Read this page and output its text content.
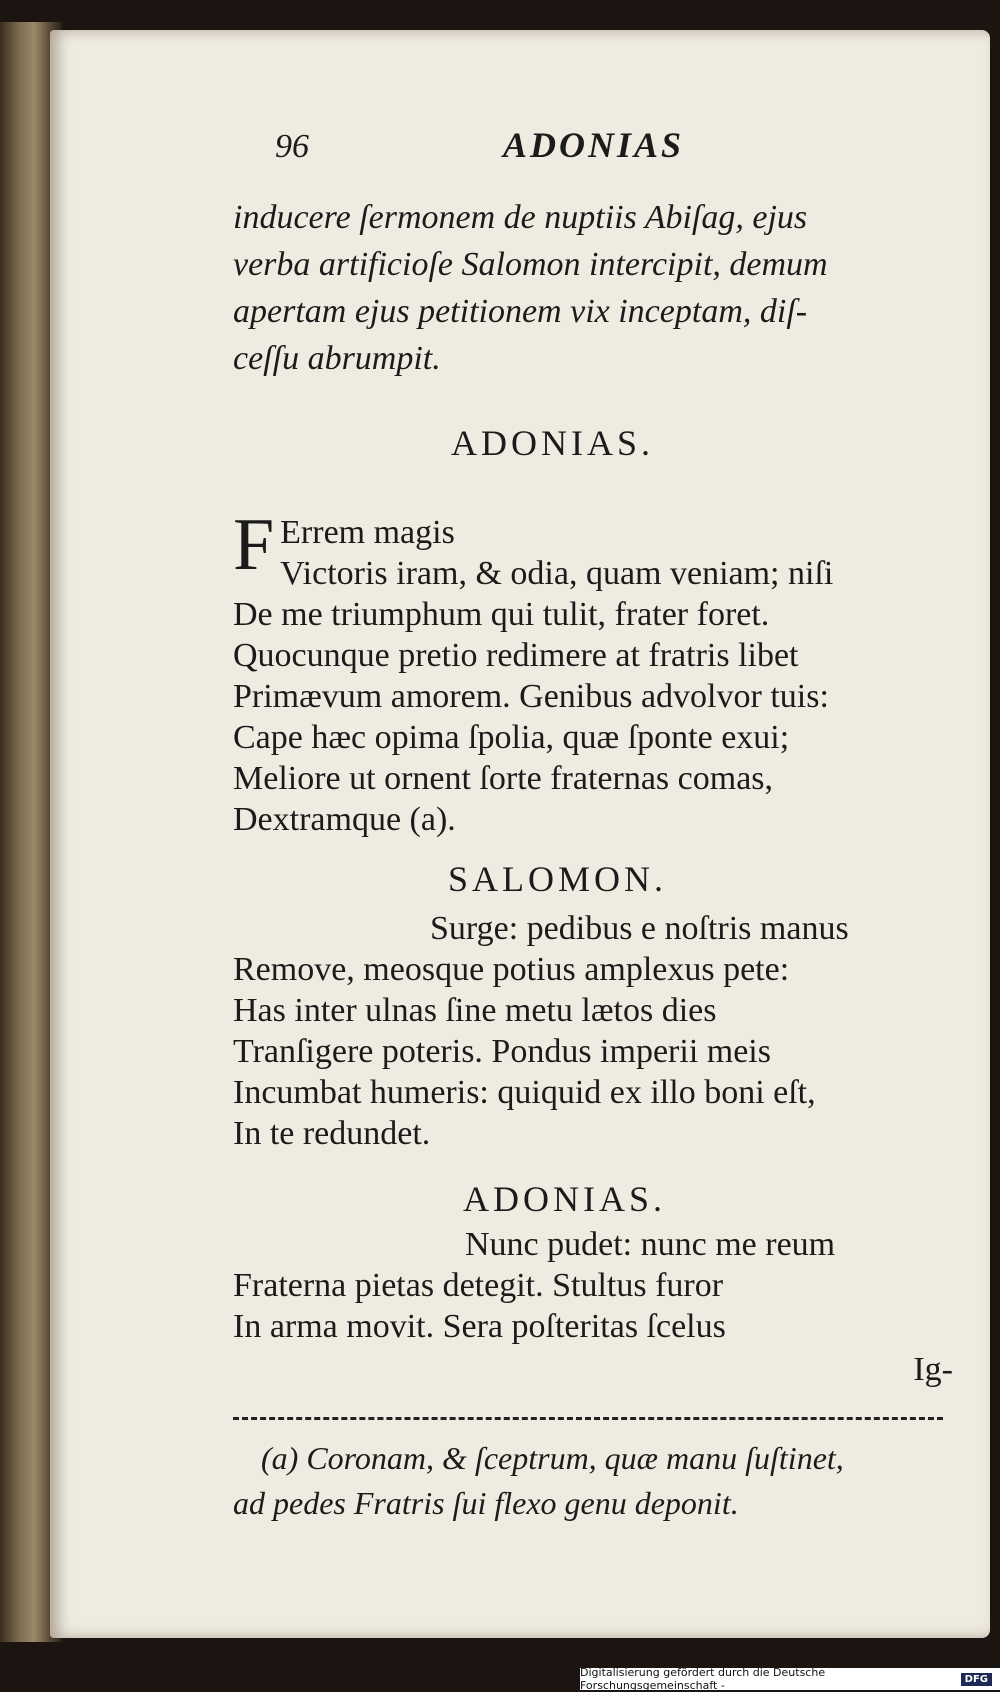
96	ADONIAS
inducere ſermonem de nuptiis Abiſag, ejus
verba artificioſe Salomon intercipit, demum
apertam ejus petitionem vix inceptam, diſ-
ceſſu abrumpit.
ADONIAS.
F Errem magis
Victoris iram, & odia, quam veniam; niſi
De me triumphum qui tulit, frater foret.
Quocunque pretio redimere at fratris libet
Primævum amorem. Genibus advolvor tuis:
Cape hæc opima ſpolia, quæ ſponte exui;
Meliore ut ornent ſorte fraternas comas,
Dextramque (a).
SALOMON.
Surge: pedibus e noſtris manus
Remove, meosque potius amplexus pete:
Has inter ulnas ſine metu lætos dies
Tranſigere poteris. Pondus imperii meis
Incumbat humeris: quiquid ex illo boni eſt,
In te redundet.
ADONIAS.
Nunc pudet: nunc me reum
Fraterna pietas detegit. Stultus furor
In arma movit. Sera poſteritas ſcelus
Ig-
(a) Coronam, & ſceptrum, quæ manu ſuſtinet,
ad pedes Fratris ſui flexo genu deponit.
Digitalisierung gefördert durch die Deutsche Forschungsgemeinschaft -	DFG
